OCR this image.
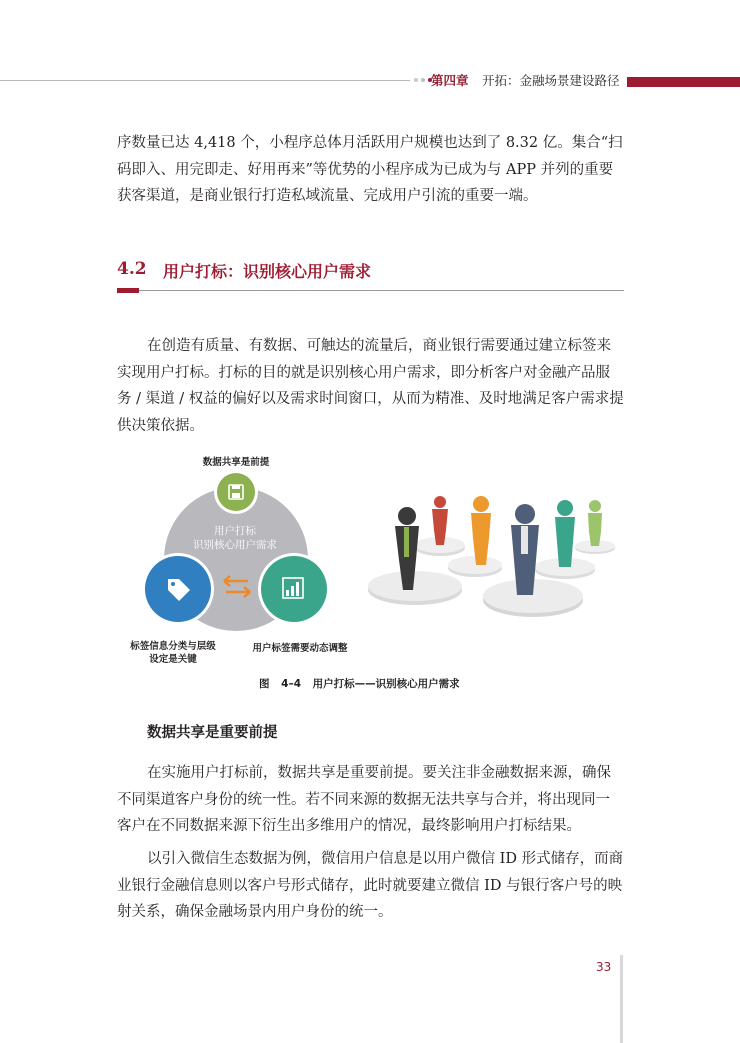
第四章 开拓：金融场景建设路径

序数量已达 4,418 个，小程序总体月活跃用户规模也达到了 8.32 亿。集合“扫
码即入、用完即走、好用再来”等优势的小程序成为已成为与 APP 并列的重要
获客渠道，是商业银行打造私域流量、完成用户引流的重要一端。

4.2 用户打标：识别核心用户需求

在创造有质量、有数据、可触达的流量后，商业银行需要通过建立标签来
实现用户打标。打标的目的就是识别核心用户需求，即分析客户对金融产品服
务 / 渠道 / 权益的偏好以及需求时间窗口，从而为精准、及时地满足客户需求提
供决策依据。

数据共享是前提
用户打标
识别核心用户需求
标签信息分类与层级
设定是关键
用户标签需要动态调整
图 4–4 用户打标——识别核心用户需求
数据共享是重要前提

在实施用户打标前，数据共享是重要前提。要关注非金融数据来源，确保
不同渠道客户身份的统一性。若不同来源的数据无法共享与合并，将出现同一
客户在不同数据来源下衍生出多维用户的情况，最终影响用户打标结果。

以引入微信生态数据为例，微信用户信息是以用户微信 ID 形式储存，而商
业银行金融信息则以客户号形式储存，此时就要建立微信 ID 与银行客户号的映
射关系，确保金融场景内用户身份的统一。

33
